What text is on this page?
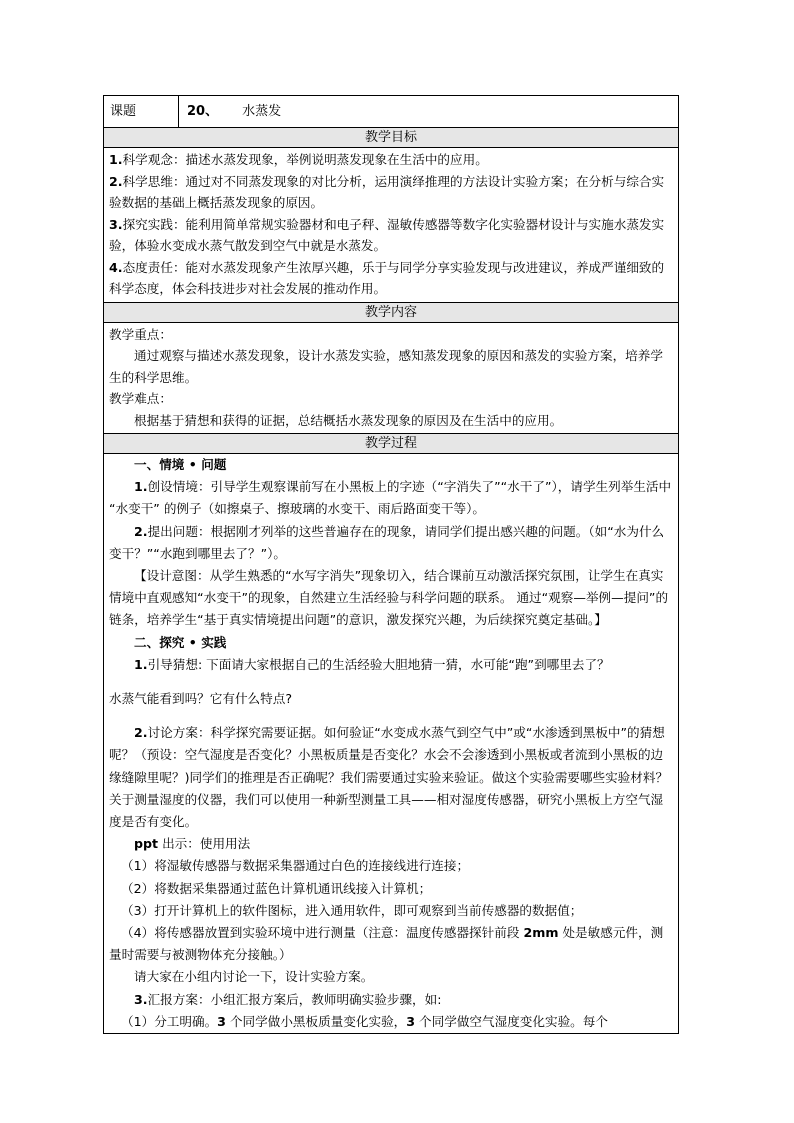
课题	20、 水蒸发
教学目标

1.科学观念：描述水蒸发现象，举例说明蒸发现象在生活中的应用。

2.科学思维：通过对不同蒸发现象的对比分析，运用演绎推理的方法设计实验方案；在分析与综合实验数据的基础上概括蒸发现象的原因。

3.探究实践：能利用简单常规实验器材和电子秤、湿敏传感器等数字化实验器材设计与实施水蒸发实验，体验水变成水蒸气散发到空气中就是水蒸发。

4.态度责任：能对水蒸发现象产生浓厚兴趣，乐于与同学分享实验发现与改进建议，养成严谨细致的科学态度，体会科技进步对社会发展的推动作用。

教学内容

教学重点：

通过观察与描述水蒸发现象，设计水蒸发实验，感知蒸发现象的原因和蒸发的实验方案，培养学生的科学思维。

教学难点：

根据基于猜想和获得的证据，总结概括水蒸发现象的原因及在生活中的应用。

教学过程

一、情境 • 问题

1.创设情境：引导学生观察课前写在小黑板上的字迹（“字消失了”“水干了”），请学生列举生活中 “水变干” 的例子（如擦桌子、擦玻璃的水变干、雨后路面变干等）。

2.提出问题：根据刚才列举的这些普遍存在的现象，请同学们提出感兴趣的问题。（如“水为什么变干？”“水跑到哪里去了？”）。

【设计意图：从学生熟悉的“水写字消失”现象切入，结合课前互动激活探究氛围，让学生在真实情境中直观感知“水变干”的现象，自然建立生活经验与科学问题的联系。 通过“观察—举例—提问”的链条，培养学生“基于真实情境提出问题”的意识，激发探究兴趣，为后续探究奠定基础。】

二、探究 • 实践

1.引导猜想: 下面请大家根据自己的生活经验大胆地猜一猜，水可能“跑”到哪里去了？

水蒸气能看到吗？它有什么特点?

2.讨论方案：科学探究需要证据。如何验证“水变成水蒸气到空气中”或“水渗透到黑板中”的猜想呢？（预设：空气湿度是否变化？小黑板质量是否变化？水会不会渗透到小黑板或者流到小黑板的边缘缝隙里呢？)同学们的推理是否正确呢？我们需要通过实验来验证。做这个实验需要哪些实验材料？关于测量湿度的仪器，我们可以使用一种新型测量工具——相对湿度传感器，研究小黑板上方空气湿度是否有变化。

ppt 出示：使用用法

（1）将湿敏传感器与数据采集器通过白色的连接线进行连接；

（2）将数据采集器通过蓝色计算机通讯线接入计算机；

（3）打开计算机上的软件图标，进入通用软件，即可观察到当前传感器的数据值；

（4）将传感器放置到实验环境中进行测量（注意：温度传感器探针前段 2mm 处是敏感元件，测量时需要与被测物体充分接触。）

请大家在小组内讨论一下，设计实验方案。

3.汇报方案：小组汇报方案后，教师明确实验步骤，如:

（1）分工明确。3 个同学做小黑板质量变化实验，3 个同学做空气湿度变化实验。每个
